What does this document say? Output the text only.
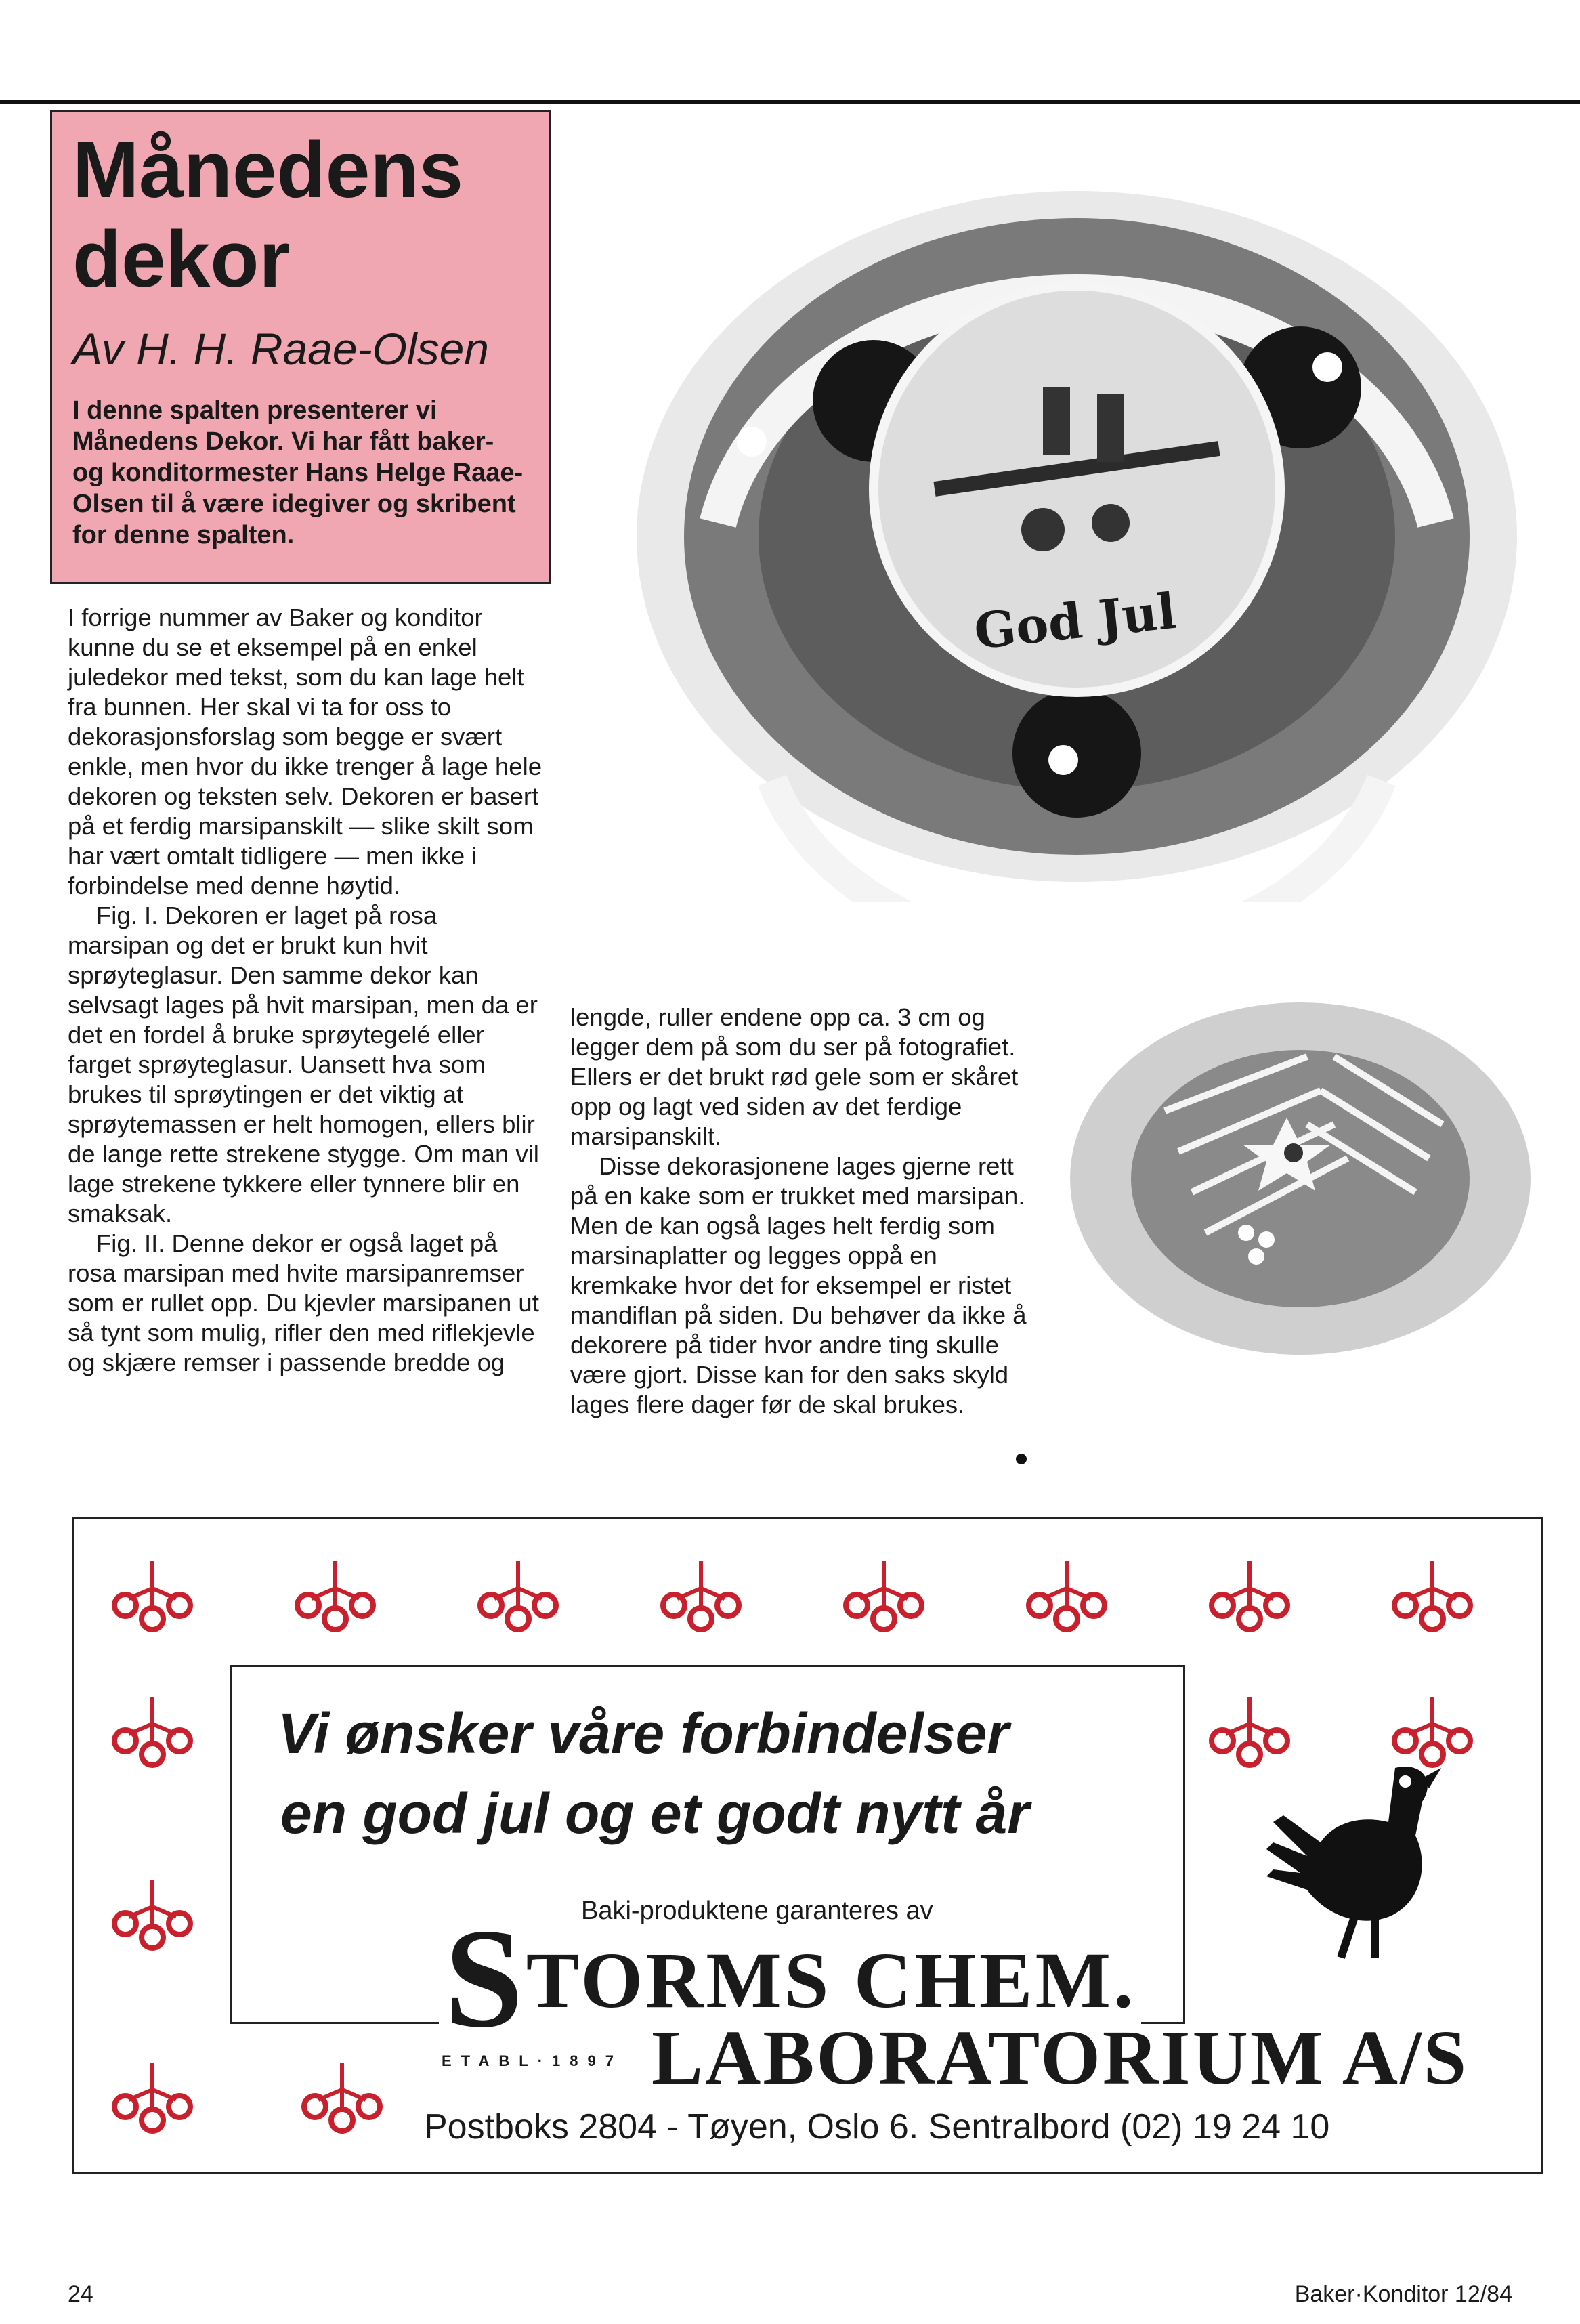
Månedens
dekor
Av H. H. Raae-Olsen
I denne spalten presenterer vi Månedens Dekor. Vi har fått baker- og konditormester Hans Helge Raae-Olsen til å være idegiver og skribent for denne spalten.

I forrige nummer av Baker og konditor kunne du se et eksempel på en enkel juledekor med tekst, som du kan lage helt fra bunnen. Her skal vi ta for oss to dekorasjonsforslag som begge er svært enkle, men hvor du ikke trenger å lage hele dekoren og teksten selv. Dekoren er basert på et ferdig marsipanskilt — slike skilt som har vært omtalt tidligere — men ikke i forbindelse med denne høytid.

Fig. I. Dekoren er laget på rosa marsipan og det er brukt kun hvit sprøyteglasur. Den samme dekor kan selvsagt lages på hvit marsipan, men da er det en fordel å bruke sprøytegelé eller farget sprøyteglasur. Uansett hva som brukes til sprøytingen er det viktig at sprøytemassen er helt homogen, ellers blir de lange rette strekene stygge. Om man vil lage strekene tykkere eller tynnere blir en smaksak.

Fig. II. Denne dekor er også laget på rosa marsipan med hvite marsipanremser som er rullet opp. Du kjevler marsipanen ut så tynt som mulig, rifler den med riflekjevle og skjære remser i passende bredde og

lengde, ruller endene opp ca. 3 cm og legger dem på som du ser på fotografiet. Ellers er det brukt rød gele som er skåret opp og lagt ved siden av det ferdige marsipanskilt.

Disse dekorasjonene lages gjerne rett på en kake som er trukket med marsipan. Men de kan også lages helt ferdig som marsinaplatter og legges oppå en kremkake hvor det for eksempel er ristet mandiflan på siden. Du behøver da ikke å dekorere på tider hvor andre ting skulle være gjort. Disse kan for den saks skyld lages flere dager før de skal brukes.

God Jul
Vi ønsker våre forbindelser
en god jul og et godt nytt år
Baki-produktene garanteres av
STORMS CHEM.
ETABL·1897 LABORATORIUM A/S
Postboks 2804 - Tøyen, Oslo 6. Sentralbord (02) 19 24 10
24	Baker·Konditor 12/84
